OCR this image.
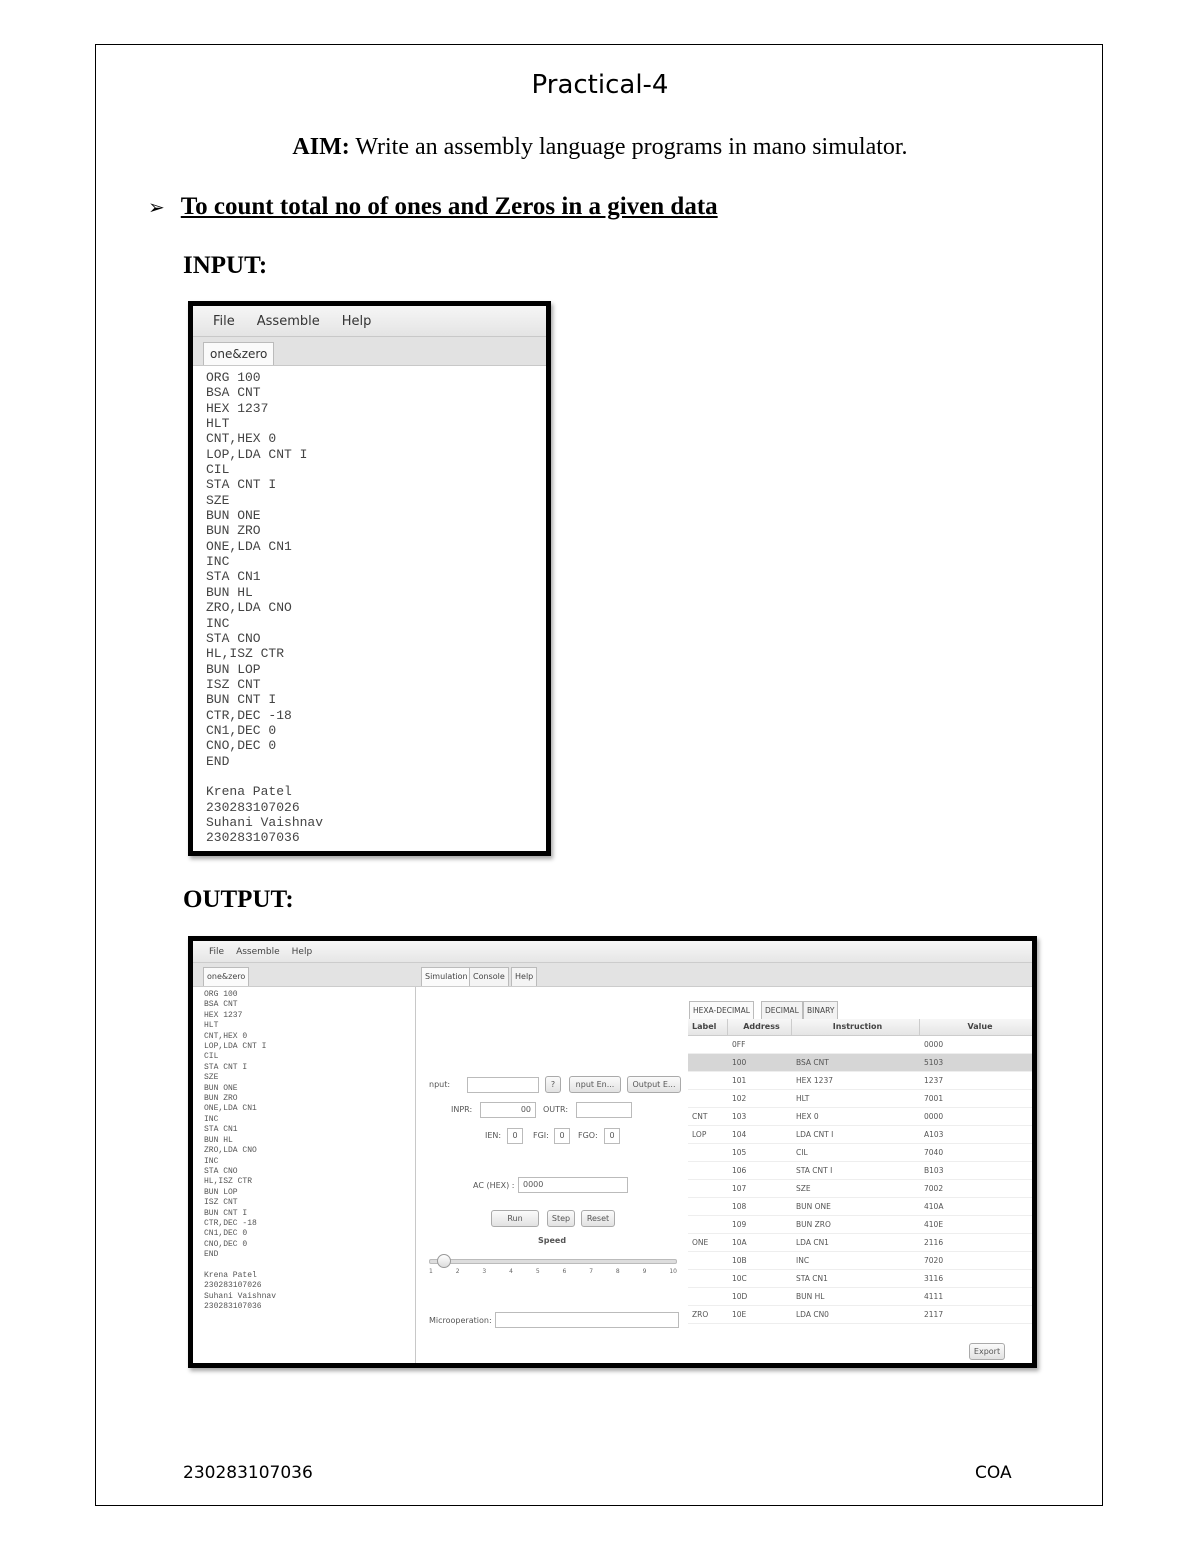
Practical-4
AIM: Write an assembly language programs in mano simulator.
➢ To count total no of ones and Zeros in a given data
INPUT:
File Assemble Help
one&zero
ORG 100
BSA CNT
HEX 1237
HLT
CNT,HEX 0
LOP,LDA CNT I
CIL
STA CNT I
SZE
BUN ONE
BUN ZRO
ONE,LDA CN1
INC
STA CN1
BUN HL
ZRO,LDA CNO
INC
STA CNO
HL,ISZ CTR
BUN LOP
ISZ CNT
BUN CNT I
CTR,DEC -18
CN1,DEC 0
CNO,DEC 0
END

Krena Patel
230283107026
Suhani Vaishnav
230283107036
OUTPUT:
File Assemble Help
one&zero
ORG 100
BSA CNT
HEX 1237
HLT
CNT,HEX 0
LOP,LDA CNT I
CIL
STA CNT I
SZE
BUN ONE
BUN ZRO
ONE,LDA CN1
INC
STA CN1
BUN HL
ZRO,LDA CNO
INC
STA CNO
HL,ISZ CTR
BUN LOP
ISZ CNT
BUN CNT I
CTR,DEC -18
CN1,DEC 0
CNO,DEC 0
END

Krena Patel
230283107026
Suhani Vaishnav
230283107036
Simulation Console	Help
nput:	?	nput En...	Output E...
INPR:	00	OUTR:
IEN:	0	FGI:	0	FGO:	0
AC (HEX) :	0000
Run	Step	Reset
Speed
1	2	3	4	5	6	7	8	9	10
Microoperation:
HEXA-DECIMAL	DECIMAL	BINARY
Label	Address	Instruction	Value
0FF	0000
100	BSA CNT	5103
101	HEX 1237	1237
102	HLT	7001
CNT	103	HEX 0	0000
LOP	104	LDA CNT I	A103
105	CIL	7040
106	STA CNT I	B103
107	SZE	7002
108	BUN ONE	410A
109	BUN ZRO	410E
ONE	10A	LDA CN1	2116
10B	INC	7020
10C	STA CN1	3116
10D	BUN HL	4111
ZRO	10E	LDA CN0	2117
Export
230283107036	COA
